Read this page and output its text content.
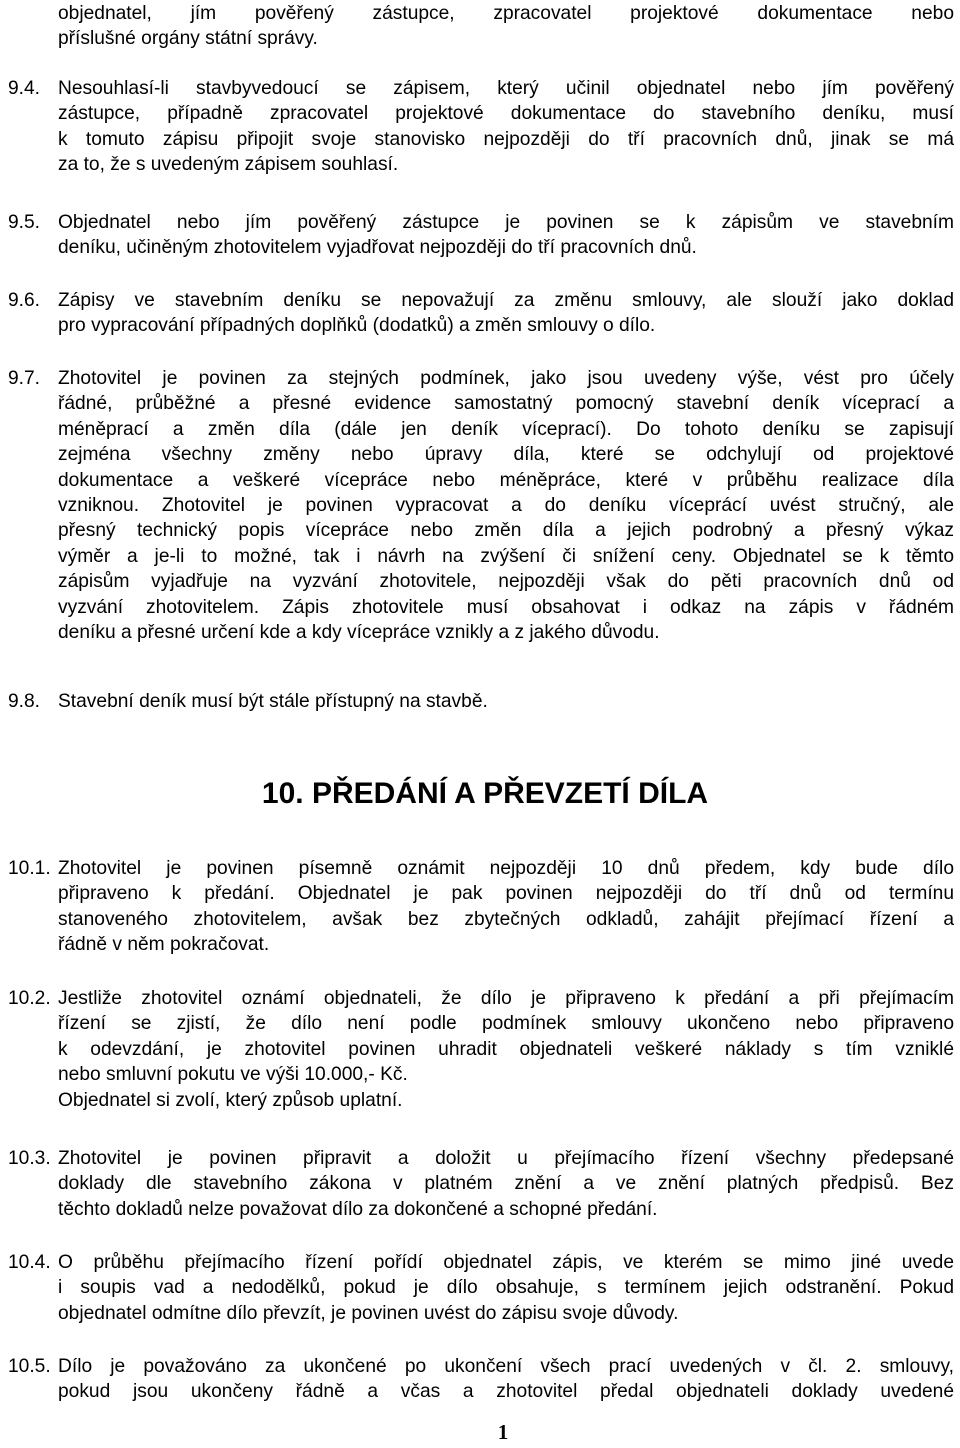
objednatel, jím pověřený zástupce, zpracovatel projektové dokumentace nebo
příslušné orgány státní správy.
9.4. Nesouhlasí-li stavbyvedoucí se zápisem, který učinil objednatel nebo jím pověřený
zástupce, případně zpracovatel projektové dokumentace do stavebního deníku, musí
k tomuto zápisu připojit svoje stanovisko nejpozději do tří pracovních dnů, jinak se má
za to, že s uvedeným zápisem souhlasí.
9.5. Objednatel nebo jím pověřený zástupce je povinen se k zápisům ve stavebním
deníku, učiněným zhotovitelem vyjadřovat nejpozději do tří pracovních dnů.
9.6. Zápisy ve stavebním deníku se nepovažují za změnu smlouvy, ale slouží jako doklad
pro vypracování případných doplňků (dodatků) a změn smlouvy o dílo.
9.7. Zhotovitel je povinen za stejných podmínek, jako jsou uvedeny výše, vést pro účely
řádné, průběžné a přesné evidence samostatný pomocný stavební deník víceprací a
méněprací a změn díla (dále jen deník víceprací). Do tohoto deníku se zapisují
zejména všechny změny nebo úpravy díla, které se odchylují od projektové
dokumentace a veškeré vícepráce nebo méněpráce, které v průběhu realizace díla
vzniknou. Zhotovitel je povinen vypracovat a do deníku víceprácí uvést stručný, ale
přesný technický popis vícepráce nebo změn díla a jejich podrobný a přesný výkaz
výměr a je-li to možné, tak i návrh na zvýšení či snížení ceny. Objednatel se k těmto
zápisům vyjadřuje na vyzvání zhotovitele, nejpozději však do pěti pracovních dnů od
vyzvání zhotovitelem. Zápis zhotovitele musí obsahovat i odkaz na zápis v řádném
deníku a přesné určení kde a kdy vícepráce vznikly a z jakého důvodu.
9.8. Stavební deník musí být stále přístupný na stavbě.
10. PŘEDÁNÍ A PŘEVZETÍ DÍLA
10.1. Zhotovitel je povinen písemně oznámit nejpozději 10 dnů předem, kdy bude dílo
připraveno k předání. Objednatel je pak povinen nejpozději do tří dnů od termínu
stanoveného zhotovitelem, avšak bez zbytečných odkladů, zahájit přejímací řízení a
řádně v něm pokračovat.
10.2. Jestliže zhotovitel oznámí objednateli, že dílo je připraveno k předání a při přejímacím
řízení se zjistí, že dílo není podle podmínek smlouvy ukončeno nebo připraveno
k odevzdání, je zhotovitel povinen uhradit objednateli veškeré náklady s tím vzniklé
nebo smluvní pokutu ve výši 10.000,- Kč.
Objednatel si zvolí, který způsob uplatní.
10.3. Zhotovitel je povinen připravit a doložit u přejímacího řízení všechny předepsané
doklady dle stavebního zákona v platném znění a ve znění platných předpisů. Bez
těchto dokladů nelze považovat dílo za dokončené a schopné předání.
10.4. O průběhu přejímacího řízení pořídí objednatel zápis, ve kterém se mimo jiné uvede
i soupis vad a nedodělků, pokud je dílo obsahuje, s termínem jejich odstranění. Pokud
objednatel odmítne dílo převzít, je povinen uvést do zápisu svoje důvody.
10.5. Dílo je považováno za ukončené po ukončení všech prací uvedených v čl. 2. smlouvy,
pokud jsou ukončeny řádně a včas a zhotovitel předal objednateli doklady uvedené
1
